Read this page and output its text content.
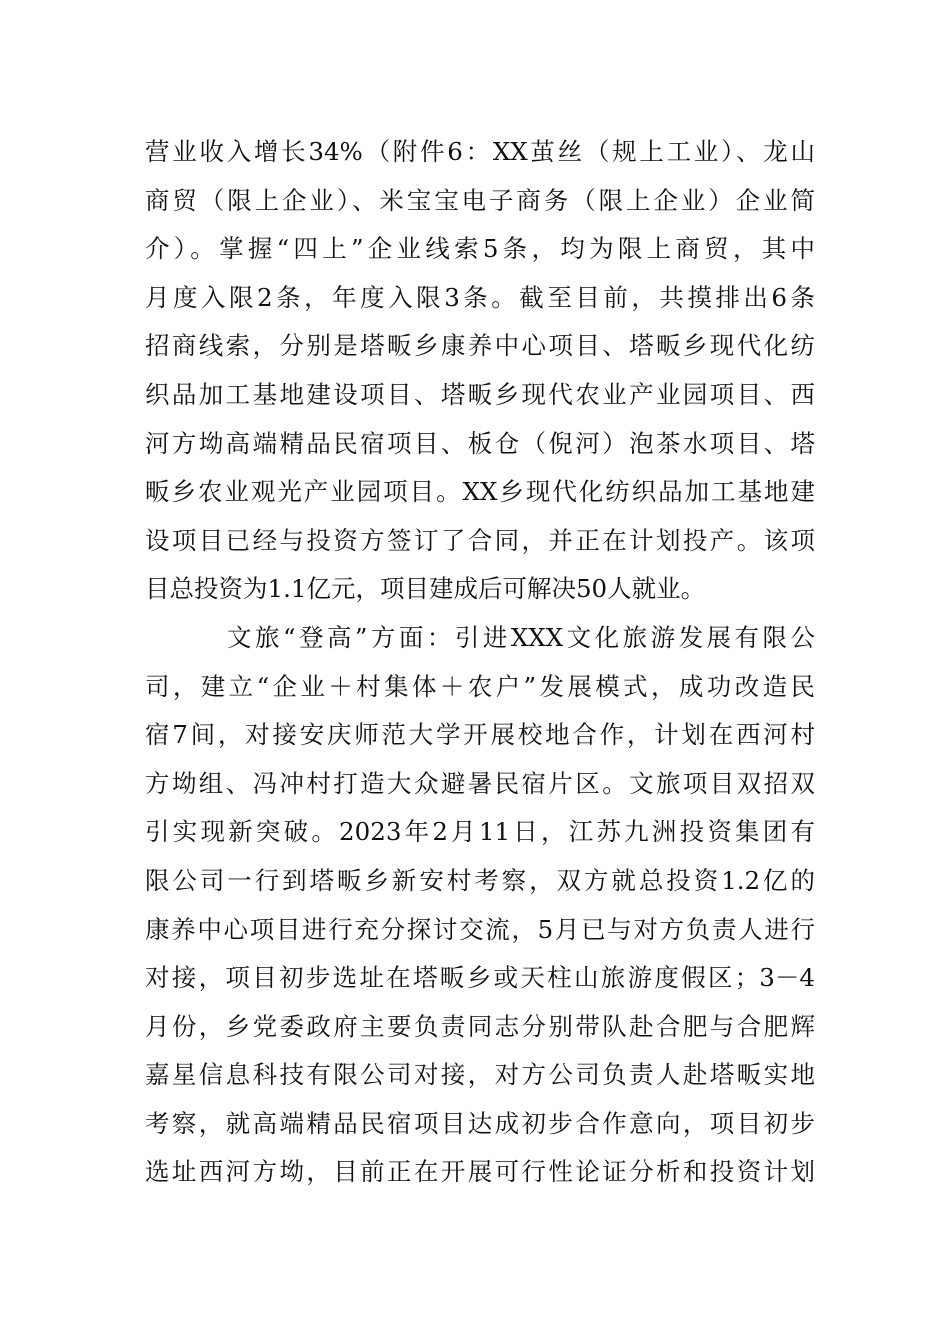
营业收入增长34%（附件6：XX茧丝（规上工业）、龙山

商贸（限上企业）、米宝宝电子商务（限上企业）企业简

介）。掌握“四上”企业线索5条，均为限上商贸，其中

月度入限2条，年度入限3条。截至目前，共摸排出6条

招商线索，分别是塔畈乡康养中心项目、塔畈乡现代化纺

织品加工基地建设项目、塔畈乡现代农业产业园项目、西

河方坳高端精品民宿项目、板仓（倪河）泡茶水项目、塔

畈乡农业观光产业园项目。XX乡现代化纺织品加工基地建

设项目已经与投资方签订了合同，并正在计划投产。该项

目总投资为1.1亿元，项目建成后可解决50人就业。

文旅“登高”方面：引进XXX文化旅游发展有限公

司，建立“企业＋村集体＋农户”发展模式，成功改造民

宿7间，对接安庆师范大学开展校地合作，计划在西河村

方坳组、冯冲村打造大众避暑民宿片区。文旅项目双招双

引实现新突破。2023年2月11日，江苏九洲投资集团有

限公司一行到塔畈乡新安村考察，双方就总投资1.2亿的

康养中心项目进行充分探讨交流，5月已与对方负责人进行

对接，项目初步选址在塔畈乡或天柱山旅游度假区；3－4

月份，乡党委政府主要负责同志分别带队赴合肥与合肥辉

嘉星信息科技有限公司对接，对方公司负责人赴塔畈实地

考察，就高端精品民宿项目达成初步合作意向，项目初步

选址西河方坳，目前正在开展可行性论证分析和投资计划
